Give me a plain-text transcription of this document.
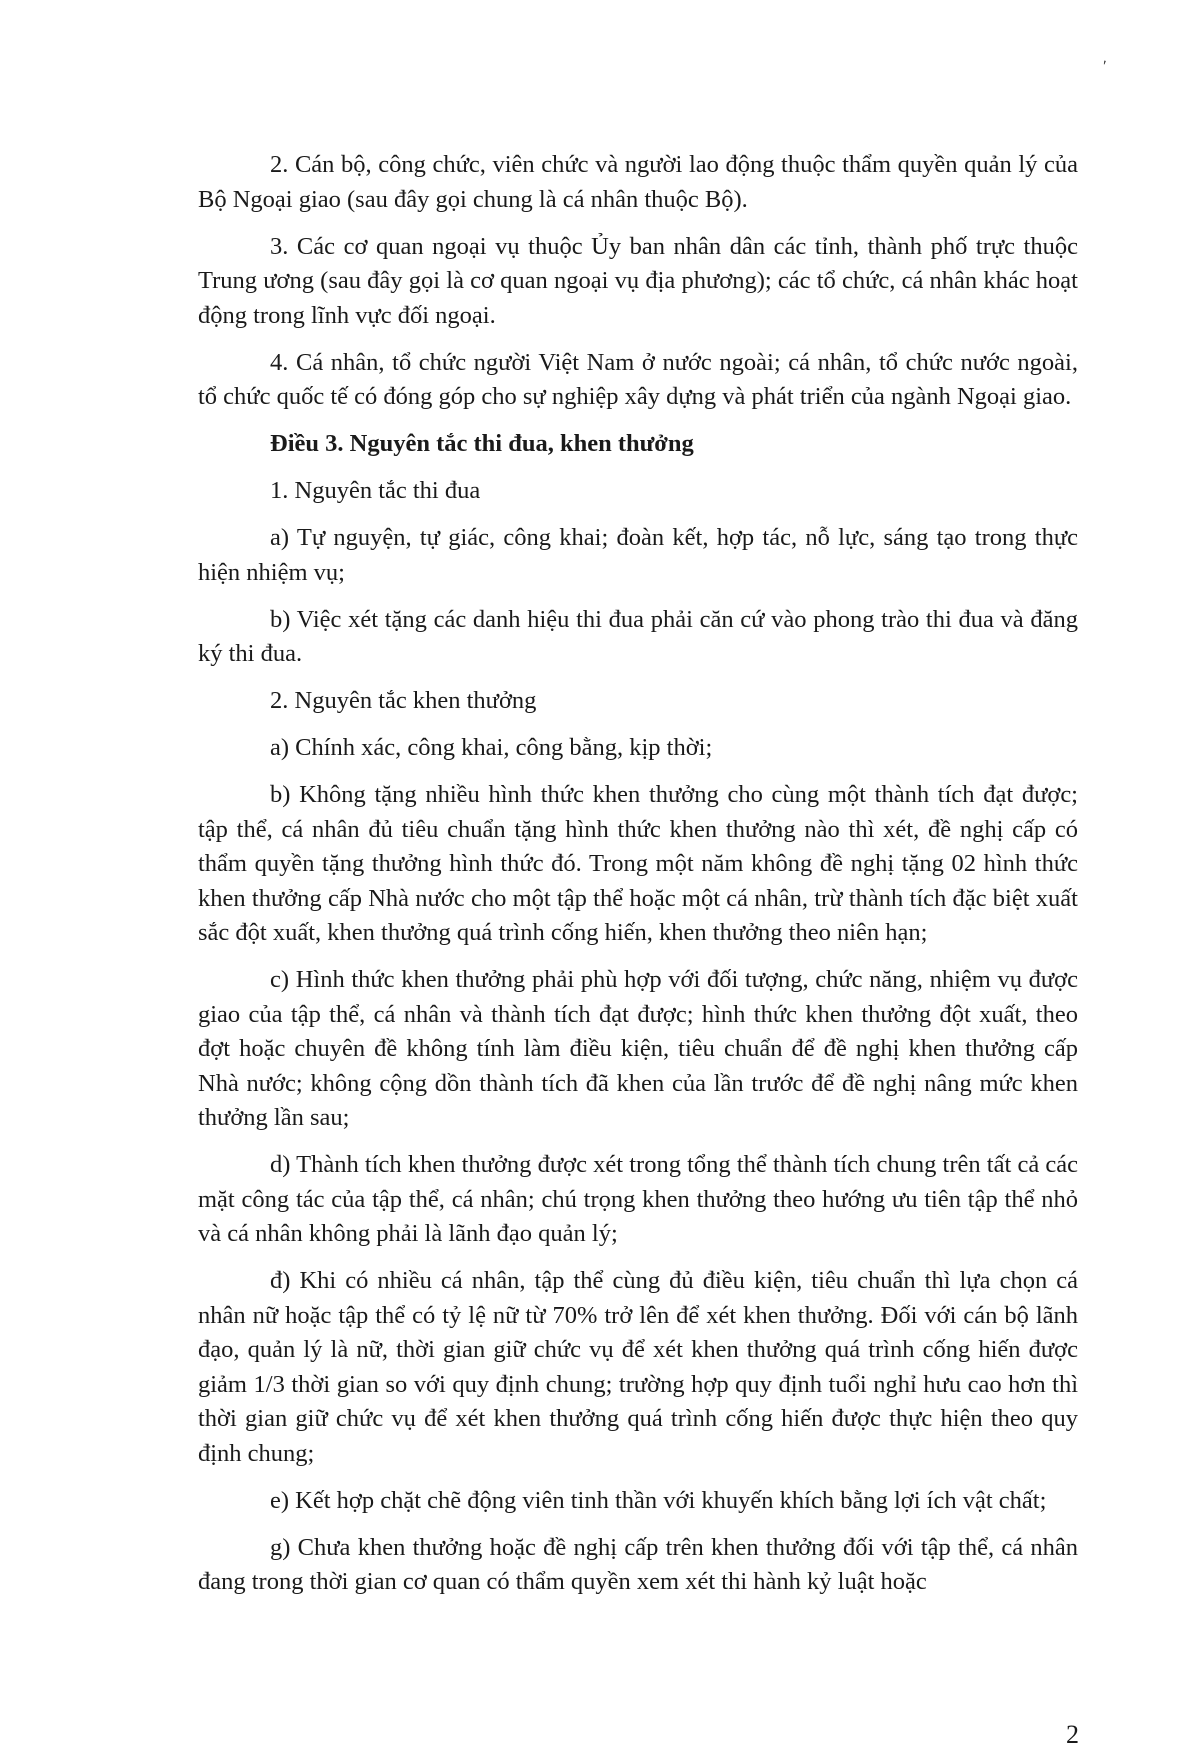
'

2. Cán bộ, công chức, viên chức và người lao động thuộc thẩm quyền quản lý của Bộ Ngoại giao (sau đây gọi chung là cá nhân thuộc Bộ).

3. Các cơ quan ngoại vụ thuộc Ủy ban nhân dân các tỉnh, thành phố trực thuộc Trung ương (sau đây gọi là cơ quan ngoại vụ địa phương); các tổ chức, cá nhân khác hoạt động trong lĩnh vực đối ngoại.

4. Cá nhân, tổ chức người Việt Nam ở nước ngoài; cá nhân, tổ chức nước ngoài, tổ chức quốc tế có đóng góp cho sự nghiệp xây dựng và phát triển của ngành Ngoại giao.

Điều 3. Nguyên tắc thi đua, khen thưởng

1. Nguyên tắc thi đua

a) Tự nguyện, tự giác, công khai; đoàn kết, hợp tác, nỗ lực, sáng tạo trong thực hiện nhiệm vụ;

b) Việc xét tặng các danh hiệu thi đua phải căn cứ vào phong trào thi đua và đăng ký thi đua.

2. Nguyên tắc khen thưởng

a) Chính xác, công khai, công bằng, kịp thời;

b) Không tặng nhiều hình thức khen thưởng cho cùng một thành tích đạt được; tập thể, cá nhân đủ tiêu chuẩn tặng hình thức khen thưởng nào thì xét, đề nghị cấp có thẩm quyền tặng thưởng hình thức đó. Trong một năm không đề nghị tặng 02 hình thức khen thưởng cấp Nhà nước cho một tập thể hoặc một cá nhân, trừ thành tích đặc biệt xuất sắc đột xuất, khen thưởng quá trình cống hiến, khen thưởng theo niên hạn;

c) Hình thức khen thưởng phải phù hợp với đối tượng, chức năng, nhiệm vụ được giao của tập thể, cá nhân và thành tích đạt được; hình thức khen thưởng đột xuất, theo đợt hoặc chuyên đề không tính làm điều kiện, tiêu chuẩn để đề nghị khen thưởng cấp Nhà nước; không cộng dồn thành tích đã khen của lần trước để đề nghị nâng mức khen thưởng lần sau;

d) Thành tích khen thưởng được xét trong tổng thể thành tích chung trên tất cả các mặt công tác của tập thể, cá nhân; chú trọng khen thưởng theo hướng ưu tiên tập thể nhỏ và cá nhân không phải là lãnh đạo quản lý;

đ) Khi có nhiều cá nhân, tập thể cùng đủ điều kiện, tiêu chuẩn thì lựa chọn cá nhân nữ hoặc tập thể có tỷ lệ nữ từ 70% trở lên để xét khen thưởng. Đối với cán bộ lãnh đạo, quản lý là nữ, thời gian giữ chức vụ để xét khen thưởng quá trình cống hiến được giảm 1/3 thời gian so với quy định chung; trường hợp quy định tuổi nghỉ hưu cao hơn thì thời gian giữ chức vụ để xét khen thưởng quá trình cống hiến được thực hiện theo quy định chung;

e) Kết hợp chặt chẽ động viên tinh thần với khuyến khích bằng lợi ích vật chất;

g) Chưa khen thưởng hoặc đề nghị cấp trên khen thưởng đối với tập thể, cá nhân đang trong thời gian cơ quan có thẩm quyền xem xét thi hành kỷ luật hoặc

2
